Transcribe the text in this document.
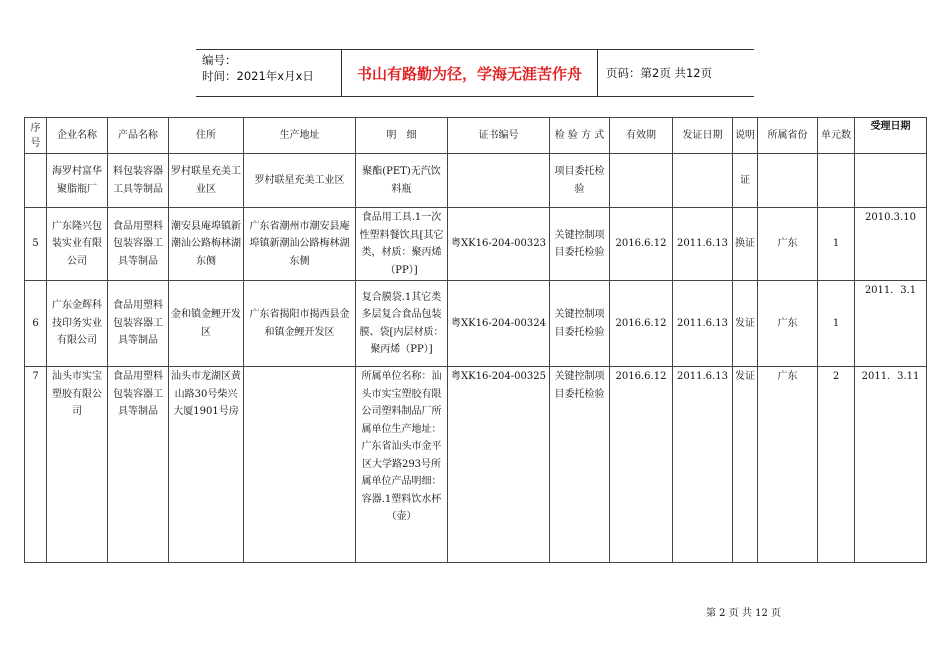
编号：
时间：2021年x月x日	书山有路勤为径，学海无涯苦作舟	页码：第2页 共12页
序号	企业名称	产品名称	住所	生产地址	明　细	证书编号	检 验 方 式	有效期	发证日期	说明	所属省份	单元数	受理日期
	海罗村富华聚脂瓶厂	料包装容器工具等制品	罗村联星充美工业区	罗村联星充美工业区	聚酯(PET)无汽饮料瓶		项目委托检验			证			
5	广东隆兴包装实业有限公司	食品用塑料包装容器工具等制品	潮安县庵埠镇新潮汕公路梅林湖东侧	广东省潮州市潮安县庵埠镇新潮汕公路梅林湖东侧	食品用工具.1一次性塑料餐饮具[其它类，材质：聚丙烯（PP）]	粤XK16-204-00323	关键控制项目委托检验	2016.6.12	2011.6.13	换证	广东	1	2010.3.10
6	广东金辉科技印务实业有限公司	食品用塑料包装容器工具等制品	金和镇金鲤开发区	广东省揭阳市揭西县金和镇金鲤开发区	复合膜袋.1其它类多层复合食品包装膜、袋[内层材质：聚丙烯（PP）]	粤XK16-204-00324	关键控制项目委托检验	2016.6.12	2011.6.13	发证	广东	1	2011．3.1
7	汕头市实宝塑胶有限公司	食品用塑料包装容器工具等制品	汕头市龙湖区黄山路30号柴兴大厦1901号房		所属单位名称：汕头市实宝塑胶有限公司塑料制品厂所属单位生产地址：广东省汕头市金平区大学路293号所属单位产品明细：容器.1塑料饮水杯（壶）	粤XK16-204-00325	关键控制项目委托检验	2016.6.12	2011.6.13	发证	广东	2	2011．3.11
第 2 页 共 12 页
